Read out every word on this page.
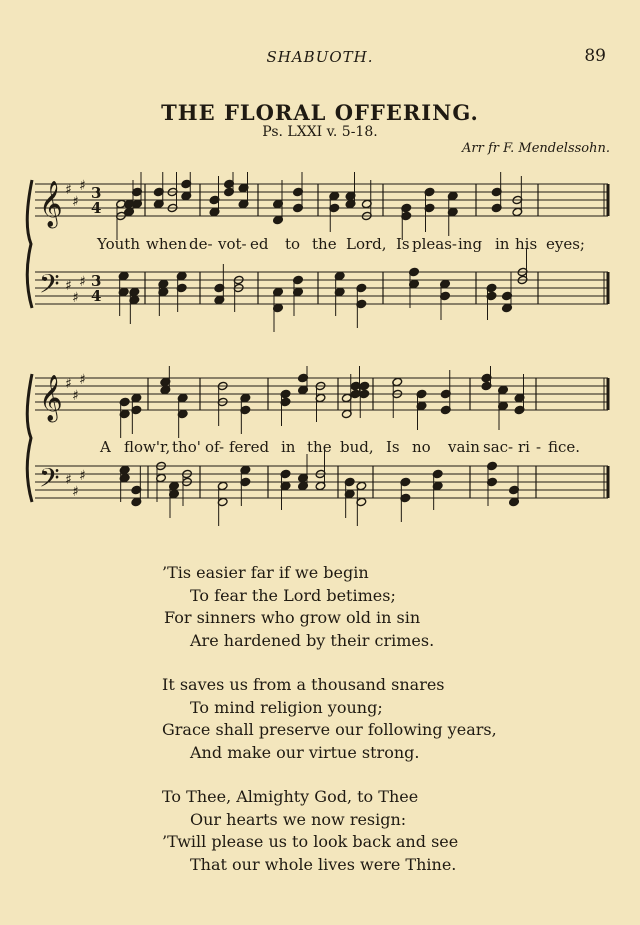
SHABUOTH.	89
THE FLORAL OFFERING.
Ps. LXXI v. 5-18.
Arr fr F. Mendelssohn.
𝄞 ♯
♯
♯
𝄢 ♯
♯
♯
3
3
4
4
𝄞 ♯
♯
♯
𝄢 ♯
♯
♯
Youth when de- vot- ed to the Lord, Is pleas- ing in his eyes;
A flow'r, tho' of- fered in the bud, Is no vain sac- ri - fice.
’Tis easier far if we begin
To fear the Lord betimes;
For sinners who grow old in sin
Are hardened by their crimes.
It saves us from a thousand snares
To mind religion young;
Grace shall preserve our following years,
And make our virtue strong.
To Thee, Almighty God, to Thee
Our hearts we now resign:
’Twill please us to look back and see
That our whole lives were Thine.
